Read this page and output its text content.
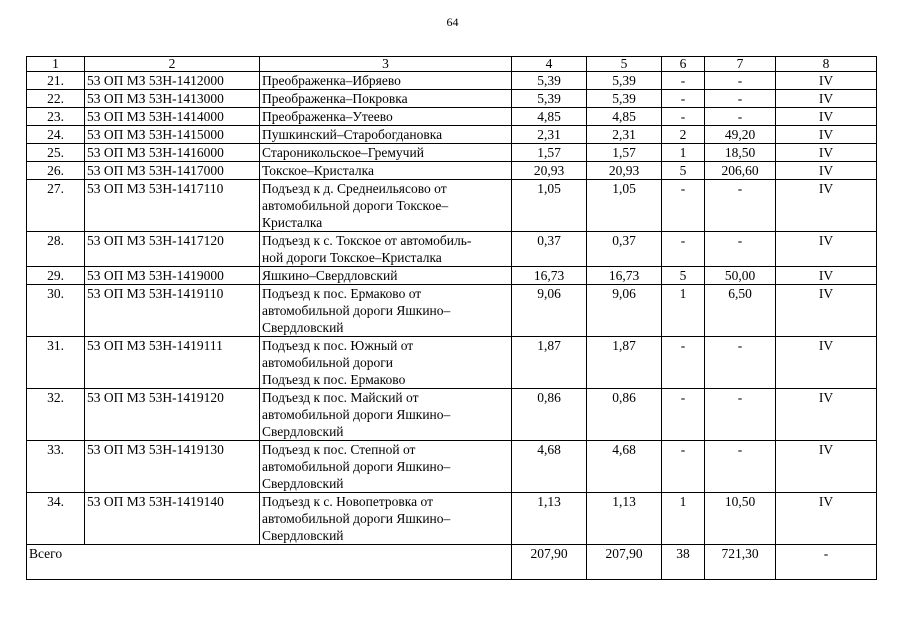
64
1	2	3	4	5	6	7	8
21.	53 ОП МЗ 53Н-1412000	Преображенка–Ибряево	5,39	5,39	-	-	IV
22.	53 ОП МЗ 53Н-1413000	Преображенка–Покровка	5,39	5,39	-	-	IV
23.	53 ОП МЗ 53Н-1414000	Преображенка–Утеево	4,85	4,85	-	-	IV
24.	53 ОП МЗ 53Н-1415000	Пушкинский–Старобогдановка	2,31	2,31	2	49,20	IV
25.	53 ОП МЗ 53Н-1416000	Староникольское–Гремучий	1,57	1,57	1	18,50	IV
26.	53 ОП МЗ 53Н-1417000	Токское–Кристалка	20,93	20,93	5	206,60	IV
27.	53 ОП МЗ 53Н-1417110	Подъезд к д. Среднеильясово от
автомобильной дороги Токское–
Кристалка	1,05	1,05	-	-	IV
28.	53 ОП МЗ 53Н-1417120	Подъезд к с. Токское от автомобиль-
ной дороги Токское–Кристалка	0,37	0,37	-	-	IV
29.	53 ОП МЗ 53Н-1419000	Яшкино–Свердловский	16,73	16,73	5	50,00	IV
30.	53 ОП МЗ 53Н-1419110	Подъезд к пос. Ермаково от
автомобильной дороги Яшкино–
Свердловский	9,06	9,06	1	6,50	IV
31.	53 ОП МЗ 53Н-1419111	Подъезд к пос. Южный от
автомобильной дороги
Подъезд к пос. Ермаково	1,87	1,87	-	-	IV
32.	53 ОП МЗ 53Н-1419120	Подъезд к пос. Майский от
автомобильной дороги Яшкино–
Свердловский	0,86	0,86	-	-	IV
33.	53 ОП МЗ 53Н-1419130	Подъезд к пос. Степной от
автомобильной дороги Яшкино–
Свердловский	4,68	4,68	-	-	IV
34.	53 ОП МЗ 53Н-1419140	Подъезд к с. Новопетровка от
автомобильной дороги Яшкино–
Свердловский	1,13	1,13	1	10,50	IV
Всего			207,90	207,90	38	721,30	-
